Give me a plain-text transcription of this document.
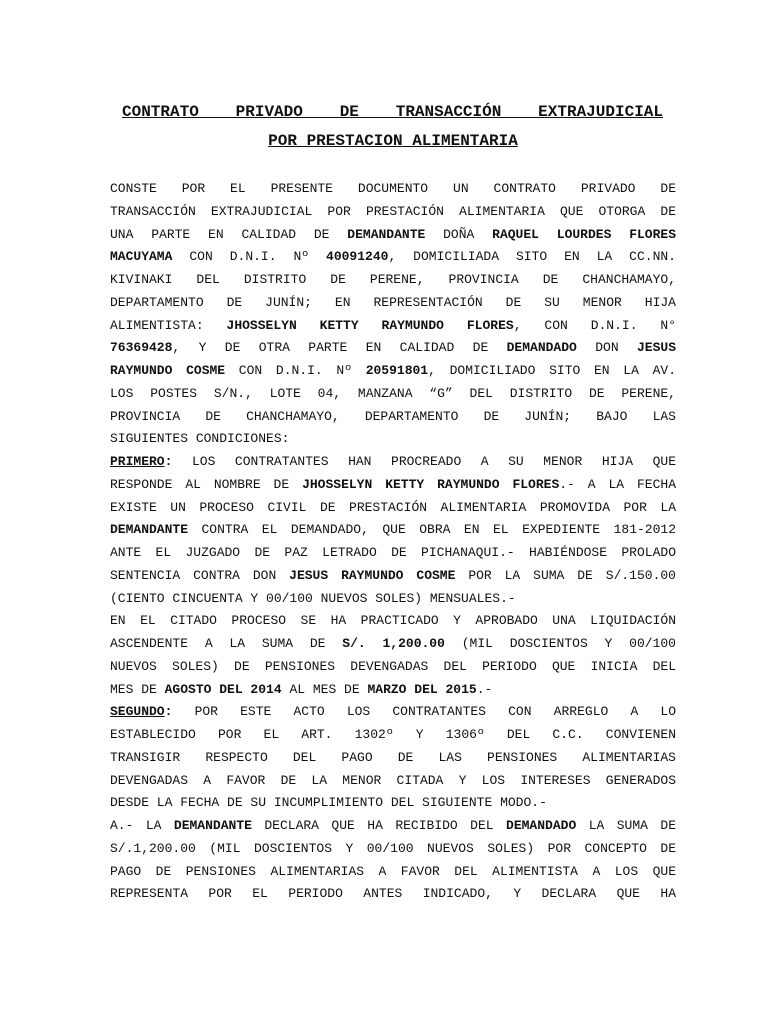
CONTRATO PRIVADO DE TRANSACCIÓN EXTRAJUDICIAL
POR PRESTACION ALIMENTARIA
CONSTE POR EL PRESENTE DOCUMENTO UN CONTRATO PRIVADO DE
TRANSACCIÓN EXTRAJUDICIAL POR PRESTACIÓN ALIMENTARIA QUE OTORGA DE
UNA PARTE EN CALIDAD DE DEMANDANTE DOÑA RAQUEL LOURDES FLORES
MACUYAMA CON D.N.I. Nº 40091240, DOMICILIADA SITO EN LA CC.NN.
KIVINAKI DEL DISTRITO DE PERENE, PROVINCIA DE CHANCHAMAYO,
DEPARTAMENTO DE JUNÍN; EN REPRESENTACIÓN DE SU MENOR HIJA
ALIMENTISTA: JHOSSELYN KETTY RAYMUNDO FLORES, CON D.N.I. N°
76369428, Y DE OTRA PARTE EN CALIDAD DE DEMANDADO DON JESUS
RAYMUNDO COSME CON D.N.I. Nº 20591801, DOMICILIADO SITO EN LA AV.
LOS POSTES S/N., LOTE 04, MANZANA “G” DEL DISTRITO DE PERENE,
PROVINCIA DE CHANCHAMAYO, DEPARTAMENTO DE JUNÍN; BAJO LAS
SIGUIENTES CONDICIONES:
PRIMERO: LOS CONTRATANTES HAN PROCREADO A SU MENOR HIJA QUE
RESPONDE AL NOMBRE DE JHOSSELYN KETTY RAYMUNDO FLORES.- A LA FECHA
EXISTE UN PROCESO CIVIL DE PRESTACIÓN ALIMENTARIA PROMOVIDA POR LA
DEMANDANTE CONTRA EL DEMANDADO, QUE OBRA EN EL EXPEDIENTE 181-2012
ANTE EL JUZGADO DE PAZ LETRADO DE PICHANAQUI.- HABIÉNDOSE PROLADO
SENTENCIA CONTRA DON JESUS RAYMUNDO COSME POR LA SUMA DE S/.150.00
(CIENTO CINCUENTA Y 00/100 NUEVOS SOLES) MENSUALES.-
EN EL CITADO PROCESO SE HA PRACTICADO Y APROBADO UNA LIQUIDACIÓN
ASCENDENTE A LA SUMA DE S/. 1,200.00 (MIL DOSCIENTOS Y 00/100
NUEVOS SOLES) DE PENSIONES DEVENGADAS DEL PERIODO QUE INICIA DEL
MES DE AGOSTO DEL 2014 AL MES DE MARZO DEL 2015.-
SEGUNDO: POR ESTE ACTO LOS CONTRATANTES CON ARREGLO A LO
ESTABLECIDO POR EL ART. 1302º Y 1306º DEL C.C. CONVIENEN
TRANSIGIR RESPECTO DEL PAGO DE LAS PENSIONES ALIMENTARIAS
DEVENGADAS A FAVOR DE LA MENOR CITADA Y LOS INTERESES GENERADOS
DESDE LA FECHA DE SU INCUMPLIMIENTO DEL SIGUIENTE MODO.-
A.- LA DEMANDANTE DECLARA QUE HA RECIBIDO DEL DEMANDADO LA SUMA DE
S/.1,200.00 (MIL DOSCIENTOS Y 00/100 NUEVOS SOLES) POR CONCEPTO DE
PAGO DE PENSIONES ALIMENTARIAS A FAVOR DEL ALIMENTISTA A LOS QUE
REPRESENTA POR EL PERIODO ANTES INDICADO, Y DECLARA QUE HA
